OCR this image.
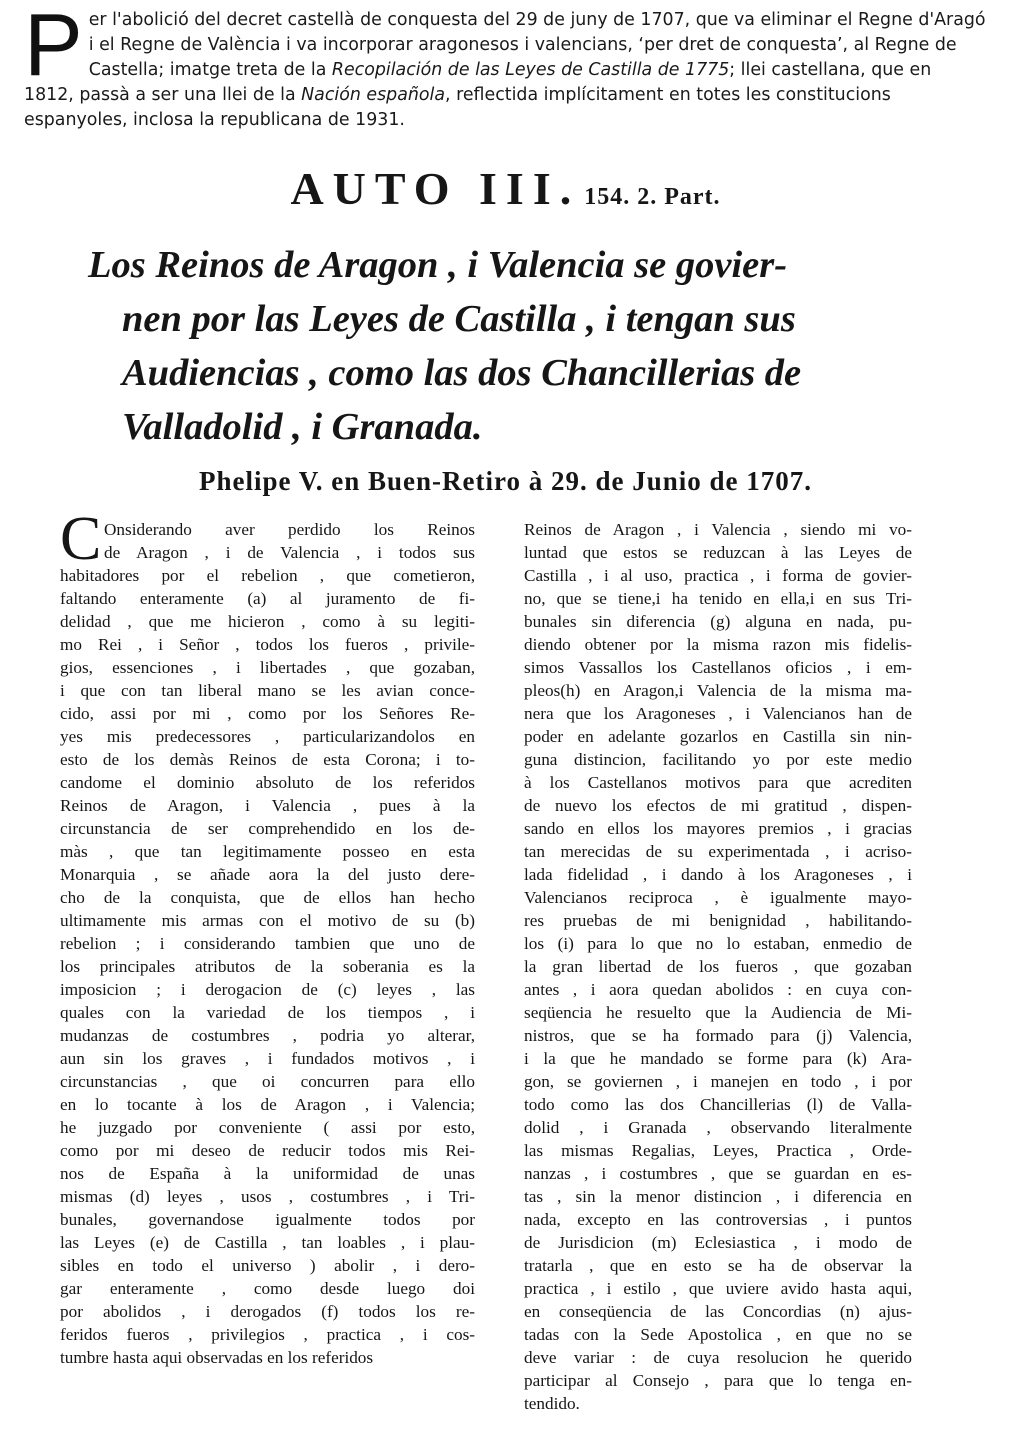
Per l'abolició del decret castellà de conquesta del 29 de juny de 1707, que va eliminar el Regne d'Aragó i el Regne de València i va incorporar aragonesos i valencians, ‘per dret de conquesta’, al Regne de Castella; imatge treta de la Recopilación de las Leyes de Castilla de 1775; llei castellana, que en 1812, passà a ser una llei de la Nación española, reflectida implícitament en totes les constitucions espanyoles, inclosa la republicana de 1931.
AUTO III. 154. 2. Part.
Los Reinos de Aragon , i Valencia se govier-
nen por las Leyes de Castilla , i tengan sus
Audiencias , como las dos Chancillerias de
Valladolid , i Granada.
Phelipe V. en Buen-Retiro à 29. de Junio de 1707.
C Onsiderando aver perdido los Reinos
de Aragon , i de Valencia , i todos sus
habitadores por el rebelion , que cometieron,
faltando enteramente (a) al juramento de fi-
delidad , que me hicieron , como à su legiti-
mo Rei , i Señor , todos los fueros , privile-
gios, essenciones , i libertades , que gozaban,
i que con tan liberal mano se les avian conce-
cido, assi por mi , como por los Señores Re-
yes mis predecessores , particularizandolos en
esto de los demàs Reinos de esta Corona; i to-
candome el dominio absoluto de los referidos
Reinos de Aragon, i Valencia , pues à la
circunstancia de ser comprehendido en los de-
màs , que tan legitimamente posseo en esta
Monarquia , se añade aora la del justo dere-
cho de la conquista, que de ellos han hecho
ultimamente mis armas con el motivo de su (b)
rebelion ; i considerando tambien que uno de
los principales atributos de la soberania es la
imposicion ; i derogacion de (c) leyes , las
quales con la variedad de los tiempos , i
mudanzas de costumbres , podria yo alterar,
aun sin los graves , i fundados motivos , i
circunstancias , que oi concurren para ello
en lo tocante à los de Aragon , i Valencia;
he juzgado por conveniente ( assi por esto,
como por mi deseo de reducir todos mis Rei-
nos de España à la uniformidad de unas
mismas (d) leyes , usos , costumbres , i Tri-
bunales, governandose igualmente todos por
las Leyes (e) de Castilla , tan loables , i plau-
sibles en todo el universo ) abolir , i dero-
gar enteramente , como desde luego doi
por abolidos , i derogados (f) todos los re-
feridos fueros , privilegios , practica , i cos-
tumbre hasta aqui observadas en los referidos
Reinos de Aragon , i Valencia , siendo mi vo-
luntad que estos se reduzcan à las Leyes de
Castilla , i al uso, practica , i forma de govier-
no, que se tiene,i ha tenido en ella,i en sus Tri-
bunales sin diferencia (g) alguna en nada, pu-
diendo obtener por la misma razon mis fidelis-
simos Vassallos los Castellanos oficios , i em-
pleos(h) en Aragon,i Valencia de la misma ma-
nera que los Aragoneses , i Valencianos han de
poder en adelante gozarlos en Castilla sin nin-
guna distincion, facilitando yo por este medio
à los Castellanos motivos para que acrediten
de nuevo los efectos de mi gratitud , dispen-
sando en ellos los mayores premios , i gracias
tan merecidas de su experimentada , i acriso-
lada fidelidad , i dando à los Aragoneses , i
Valencianos reciproca , è igualmente mayo-
res pruebas de mi benignidad , habilitando-
los (i) para lo que no lo estaban, enmedio de
la gran libertad de los fueros , que gozaban
antes , i aora quedan abolidos : en cuya con-
seqüencia he resuelto que la Audiencia de Mi-
nistros, que se ha formado para (j) Valencia,
i la que he mandado se forme para (k) Ara-
gon, se goviernen , i manejen en todo , i por
todo como las dos Chancillerias (l) de Valla-
dolid , i Granada , observando literalmente
las mismas Regalias, Leyes, Practica , Orde-
nanzas , i costumbres , que se guardan en es-
tas , sin la menor distincion , i diferencia en
nada, excepto en las controversias , i puntos
de Jurisdicion (m) Eclesiastica , i modo de
tratarla , que en esto se ha de observar la
practica , i estilo , que uviere avido hasta aqui,
en conseqüencia de las Concordias (n) ajus-
tadas con la Sede Apostolica , en que no se
deve variar : de cuya resolucion he querido
participar al Consejo , para que lo tenga en-
tendido.
